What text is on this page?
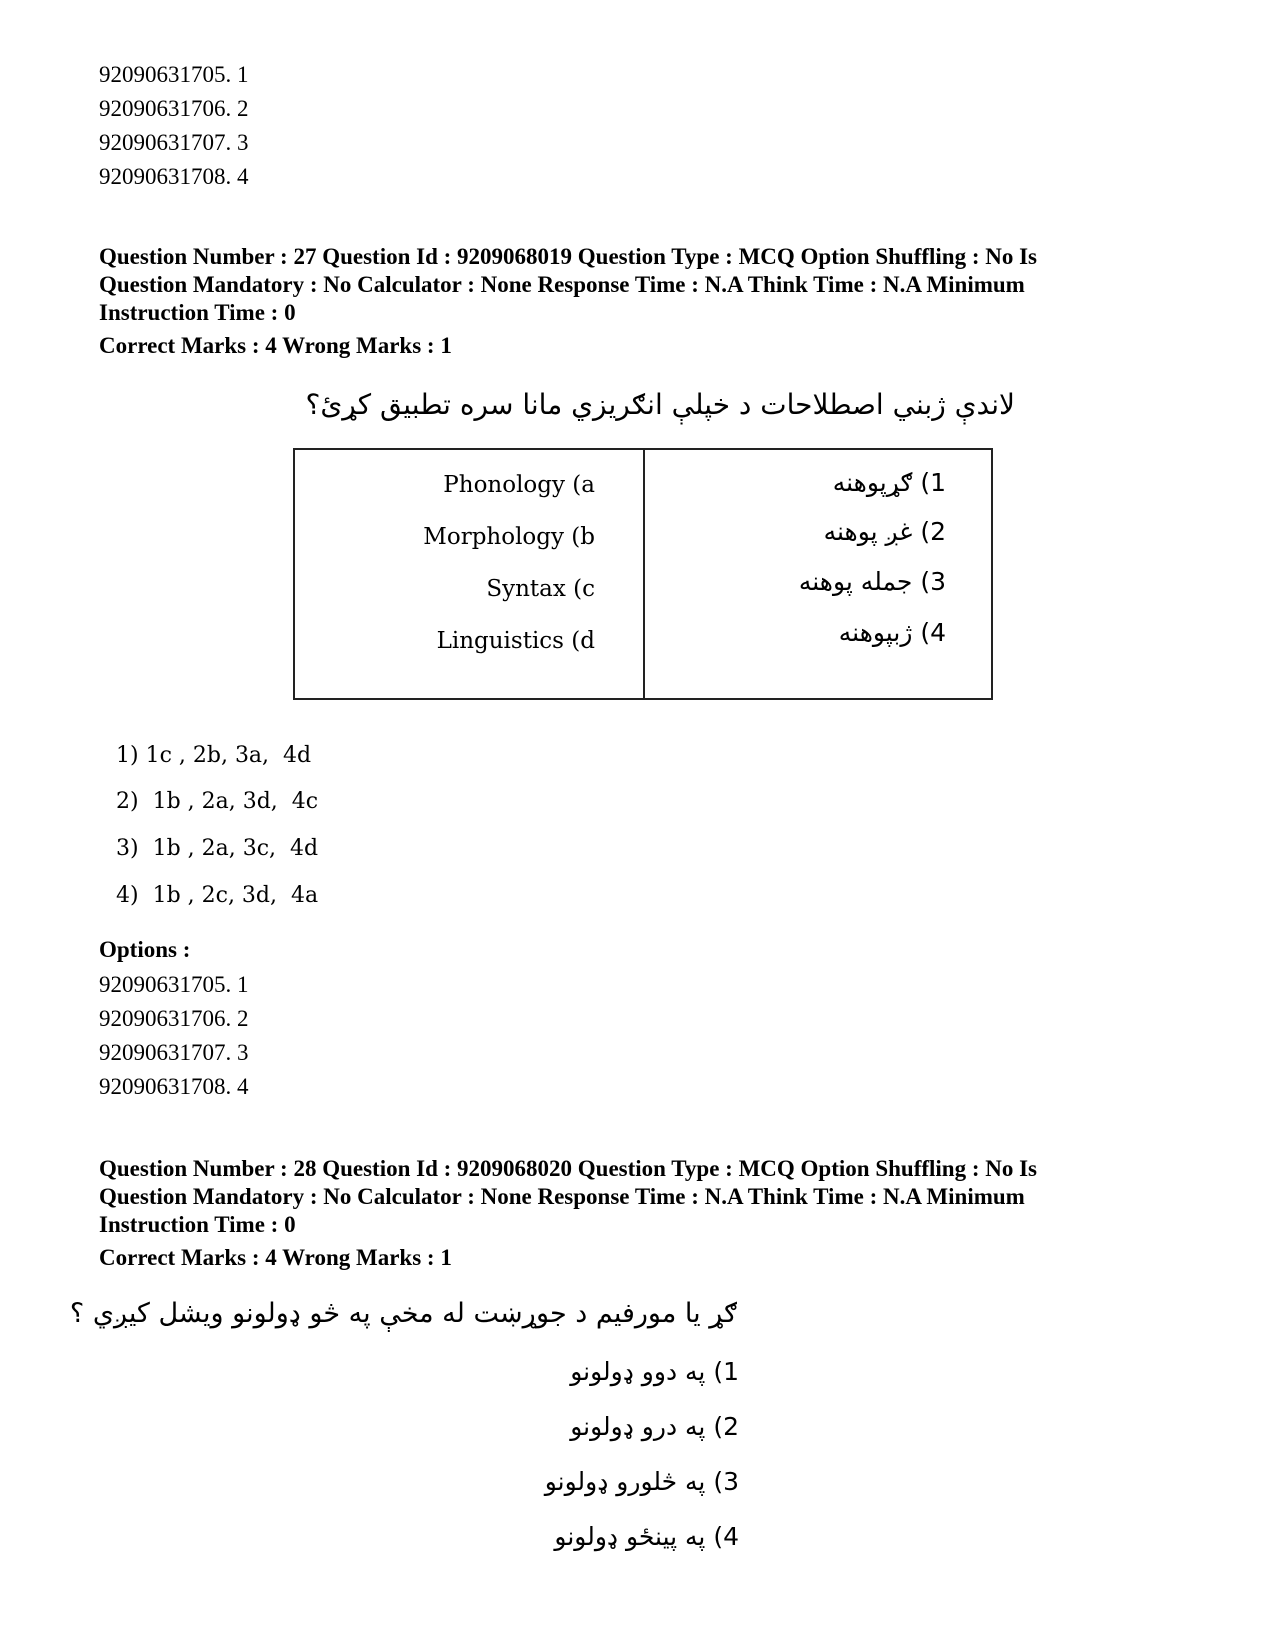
92090631705. 1
92090631706. 2
92090631707. 3
92090631708. 4
Question Number : 27 Question Id : 9209068019 Question Type : MCQ Option Shuffling : No Is
Question Mandatory : No Calculator : None Response Time : N.A Think Time : N.A Minimum
Instruction Time : 0
Correct Marks : 4 Wrong Marks : 1
لاندې ژبني اصطلاحات د خپلې انګريزي مانا سره تطبيق کړئ؟
Phonology (a
Morphology (b
Syntax (c
Linguistics (d
1) ګړپوهنه
2) غږ پوهنه
3) جمله پوهنه
4) ژبپوهنه
1) 1c , 2b, 3a,  4d
2)  1b , 2a, 3d,  4c
3)  1b , 2a, 3c,  4d
4)  1b , 2c, 3d,  4a
Options :
92090631705. 1
92090631706. 2
92090631707. 3
92090631708. 4
Question Number : 28 Question Id : 9209068020 Question Type : MCQ Option Shuffling : No Is
Question Mandatory : No Calculator : None Response Time : N.A Think Time : N.A Minimum
Instruction Time : 0
Correct Marks : 4 Wrong Marks : 1
ګړ يا مورفيم د جوړښت له مخې په څو ډولونو ويشل کيږي ؟
1) په دوو ډولونو
2) په درو ډولونو
3) په څلورو ډولونو
4) په پينځو ډولونو
